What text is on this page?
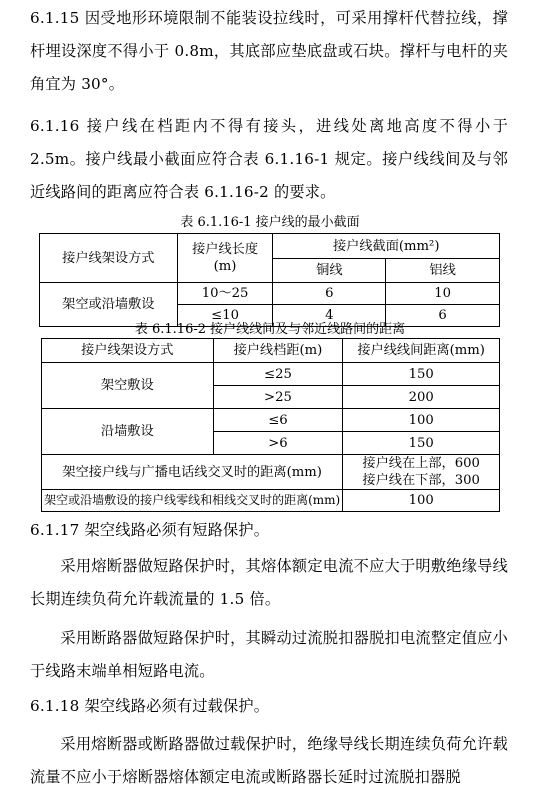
6.1.15 因受地形环境限制不能装设拉线时，可采用撑杆代替拉线，撑杆埋设深度不得小于 0.8m，其底部应垫底盘或石块。撑杆与电杆的夹角宜为 30°。
6.1.16 接户线在档距内不得有接头，进线处离地高度不得小于 2.5m。接户线最小截面应符合表 6.1.16-1 规定。接户线线间及与邻近线路间的距离应符合表 6.1.16-2 的要求。
表 6.1.16-1 接户线的最小截面
接户线架设方式	接户线长度
(m)	接户线截面(mm²)	
		铜线	铝线
架空或沿墙敷设	10～25	6	10
	≤10	4	6
表 6.1.16-2 接户线线间及与邻近线路间的距离
接户线架设方式	接户线档距(m)	接户线线间距离(mm)
架空敷设	≤25	150
	>25	200
沿墙敷设	≤6	100
	>6	150
架空接户线与广播电话线交叉时的距离(mm)		接户线在上部，600
接户线在下部，300

架空或沿墙敷设的接户线零线和相线交叉时的距离(mm)		100
6.1.17 架空线路必须有短路保护。
采用熔断器做短路保护时，其熔体额定电流不应大于明敷绝缘导线长期连续负荷允许载流量的 1.5 倍。
采用断路器做短路保护时，其瞬动过流脱扣器脱扣电流整定值应小于线路末端单相短路电流。
6.1.18 架空线路必须有过载保护。
采用熔断器或断路器做过载保护时，绝缘导线长期连续负荷允许载流量不应小于熔断器熔体额定电流或断路器长延时过流脱扣器脱
